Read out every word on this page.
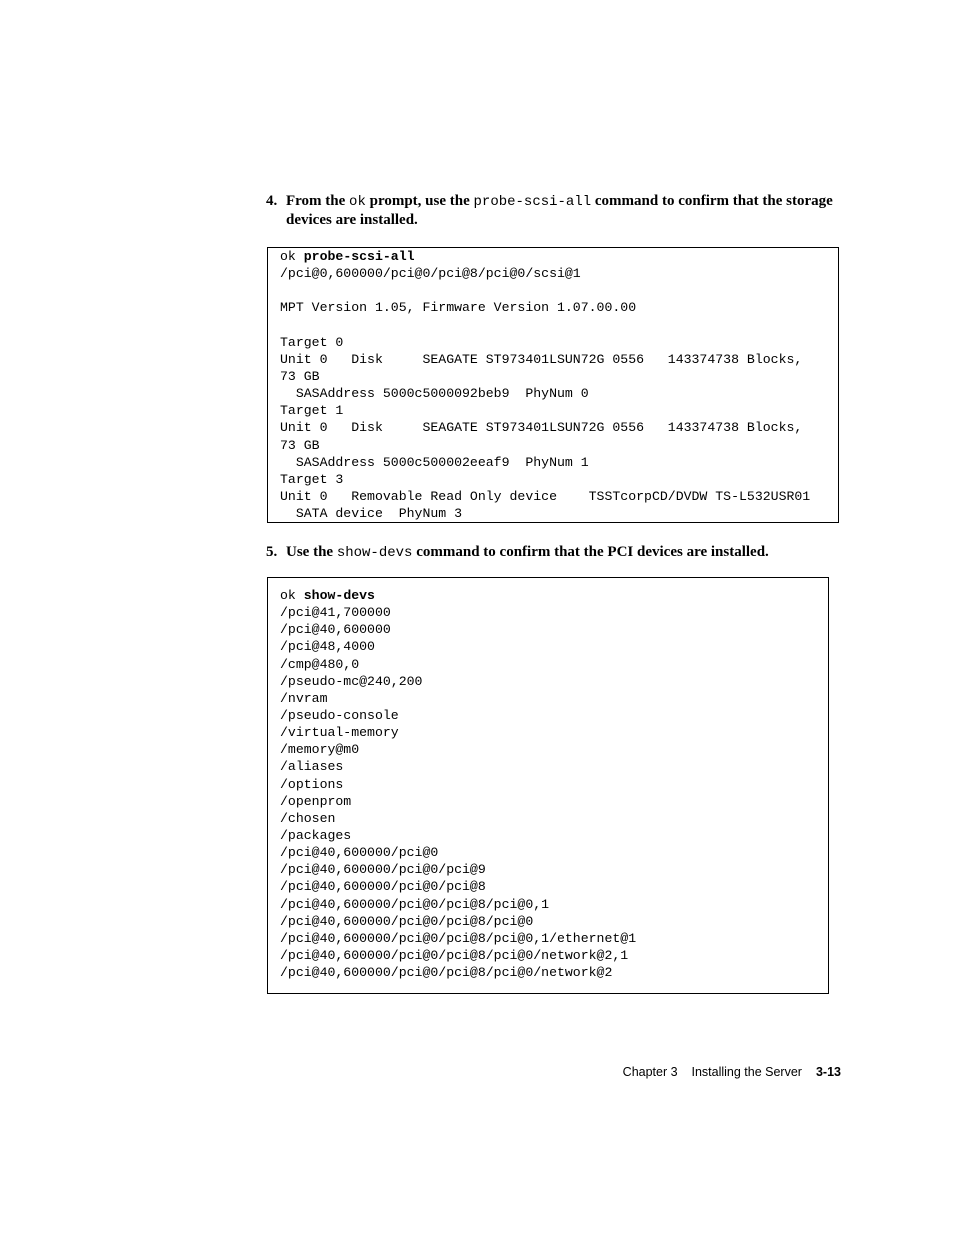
4. From the ok prompt, use the probe-scsi-all command to confirm that the storage devices are installed.
ok probe-scsi-all
/pci@0,600000/pci@0/pci@8/pci@0/scsi@1
MPT Version 1.05, Firmware Version 1.07.00.00
Target 0
Unit 0   Disk     SEAGATE ST973401LSUN72G 0556   143374738 Blocks,
73 GB
SASAddress 5000c5000092beb9  PhyNum 0
Target 1
Unit 0   Disk     SEAGATE ST973401LSUN72G 0556   143374738 Blocks,
73 GB
SASAddress 5000c500002eeaf9  PhyNum 1
Target 3
Unit 0   Removable Read Only device    TSSTcorpCD/DVDW TS-L532USR01
SATA device  PhyNum 3
5. Use the show-devs command to confirm that the PCI devices are installed.
ok show-devs
/pci@41,700000
/pci@40,600000
/pci@48,4000
/cmp@480,0
/pseudo-mc@240,200
/nvram
/pseudo-console
/virtual-memory
/memory@m0
/aliases
/options
/openprom
/chosen
/packages
/pci@40,600000/pci@0
/pci@40,600000/pci@0/pci@9
/pci@40,600000/pci@0/pci@8
/pci@40,600000/pci@0/pci@8/pci@0,1
/pci@40,600000/pci@0/pci@8/pci@0
/pci@40,600000/pci@0/pci@8/pci@0,1/ethernet@1
/pci@40,600000/pci@0/pci@8/pci@0/network@2,1
/pci@40,600000/pci@0/pci@8/pci@0/network@2
Chapter 3 Installing the Server 3-13
